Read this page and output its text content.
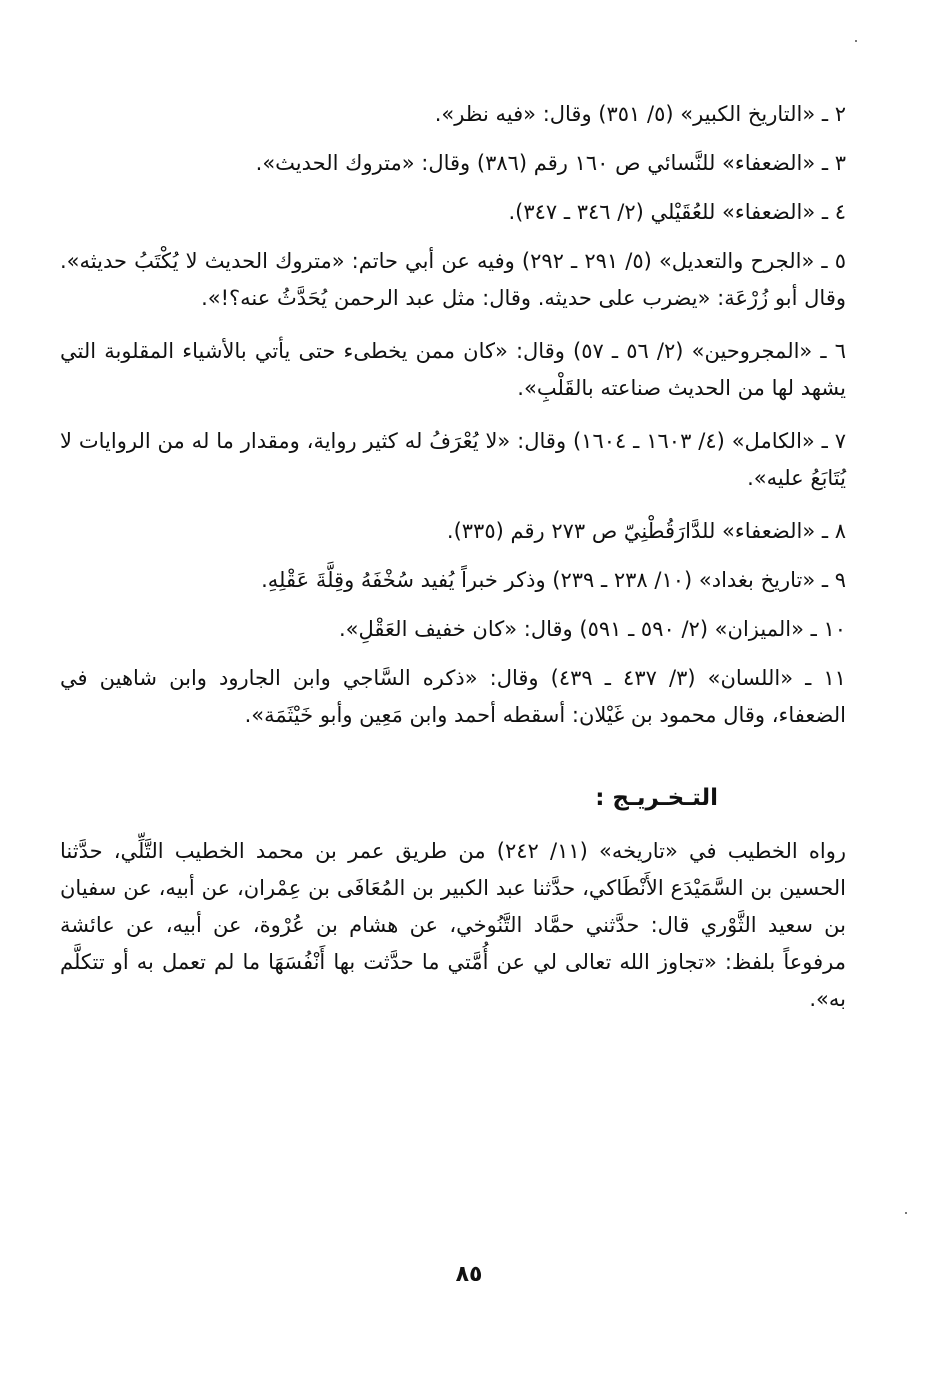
٢ ـ «التاريخ الكبير» (٥/ ٣٥١) وقال: «فيه نظر».

٣ ـ «الضعفاء» للنَّسائي ص ١٦٠ رقم (٣٨٦) وقال: «متروك الحديث».

٤ ـ «الضعفاء» للعُقَيْلي (٢/ ٣٤٦ ـ ٣٤٧).

٥ ـ «الجرح والتعديل» (٥/ ٢٩١ ـ ٢٩٢) وفيه عن أبي حاتم: «متروك الحديث لا يُكْتَبُ حديثه». وقال أبو زُرْعَة: «يضرب على حديثه. وقال: مثل عبد الرحمن يُحَدَّثُ عنه؟!».

٦ ـ «المجروحين» (٢/ ٥٦ ـ ٥٧) وقال: «كان ممن يخطىء حتى يأتي بالأشياء المقلوبة التي يشهد لها من الحديث صناعته بالقَلْبِ».

٧ ـ «الكامل» (٤/ ١٦٠٣ ـ ١٦٠٤) وقال: «لا يُعْرَفُ له كثير رواية، ومقدار ما له من الروايات لا يُتَابَعُ عليه».

٨ ـ «الضعفاء» للدَّارَقُطْنِيّ ص ٢٧٣ رقم (٣٣٥).

٩ ـ «تاريخ بغداد» (١٠/ ٢٣٨ ـ ٢٣٩) وذكر خبراً يُفيد سُخْفَهُ وقِلَّةَ عَقْلِهِ.

١٠ ـ «الميزان» (٢/ ٥٩٠ ـ ٥٩١) وقال: «كان خفيف العَقْلِ».

١١ ـ «اللسان» (٣/ ٤٣٧ ـ ٤٣٩) وقال: «ذكره السَّاجي وابن الجارود وابن شاهين في الضعفاء، وقال محمود بن غَيْلان: أسقطه أحمد وابن مَعِين وأبو خَيْثَمَة».

التـخـريـج :

رواه الخطيب في «تاريخه» (١١/ ٢٤٢) من طريق عمر بن محمد الخطيب التَّلِّي، حدَّثنا الحسين بن السَّمَيْدَع الأَنْطَاكي، حدَّثنا عبد الكبير بن المُعَافَى بن عِمْران، عن أبيه، عن سفيان بن سعيد الثَّوْري قال: حدَّثني حمَّاد التَّنُوخي، عن هشام بن عُرْوة، عن أبيه، عن عائشة مرفوعاً بلفظ: «تجاوز الله تعالى لي عن أُمَّتي ما حدَّثت بها أَنْفُسَهَا ما لم تعمل به أو تتكلَّم به».

٨٥
